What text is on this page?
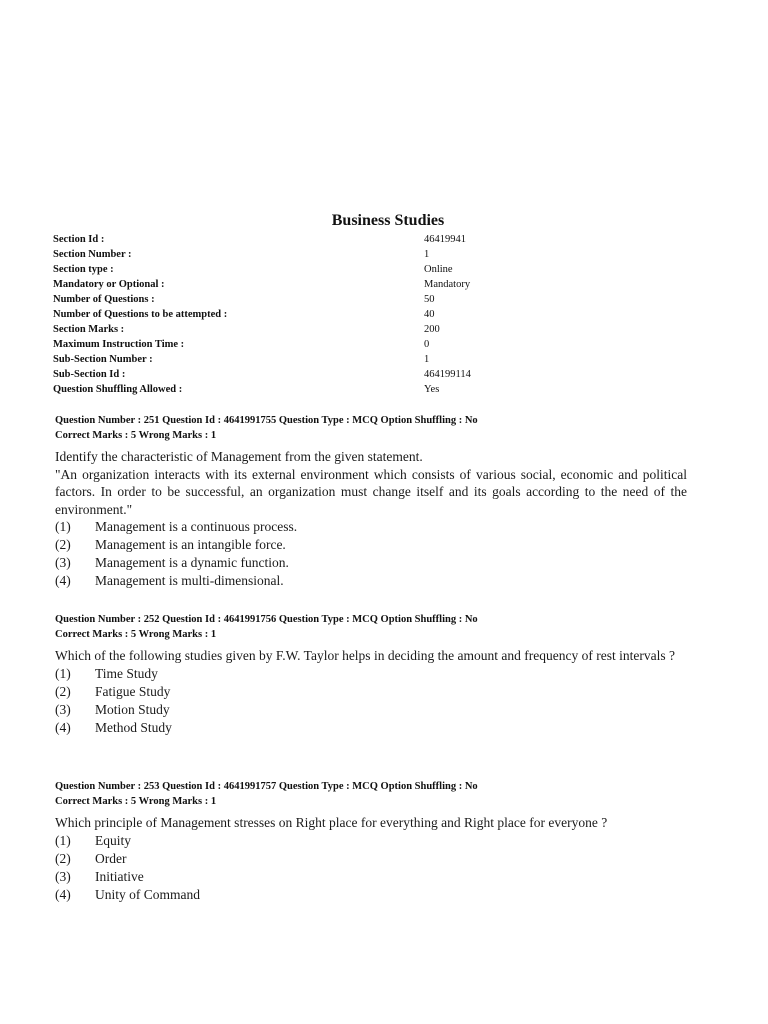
Business Studies
Section Id :	46419941
Section Number :	1
Section type :	Online
Mandatory or Optional :	Mandatory
Number of Questions :	50
Number of Questions to be attempted :	40
Section Marks :	200
Maximum Instruction Time :	0
Sub-Section Number :	1
Sub-Section Id :	464199114
Question Shuffling Allowed :	Yes
Question Number : 251 Question Id : 4641991755 Question Type : MCQ Option Shuffling : No
Correct Marks : 5 Wrong Marks : 1

Identify the characteristic of Management from the given statement.

"An organization interacts with its external environment which consists of various social, economic and political factors. In order to be successful, an organization must change itself and its goals according to the need of the environment."

(1)	Management is a continuous process.
(2)	Management is an intangible force.
(3)	Management is a dynamic function.
(4)	Management is multi-dimensional.
Question Number : 252 Question Id : 4641991756 Question Type : MCQ Option Shuffling : No
Correct Marks : 5 Wrong Marks : 1

Which of the following studies given by F.W. Taylor helps in deciding the amount and frequency of rest intervals ?

(1)	Time Study
(2)	Fatigue Study
(3)	Motion Study
(4)	Method Study
Question Number : 253 Question Id : 4641991757 Question Type : MCQ Option Shuffling : No
Correct Marks : 5 Wrong Marks : 1

Which principle of Management stresses on Right place for everything and Right place for everyone ?

(1)	Equity
(2)	Order
(3)	Initiative
(4)	Unity of Command
